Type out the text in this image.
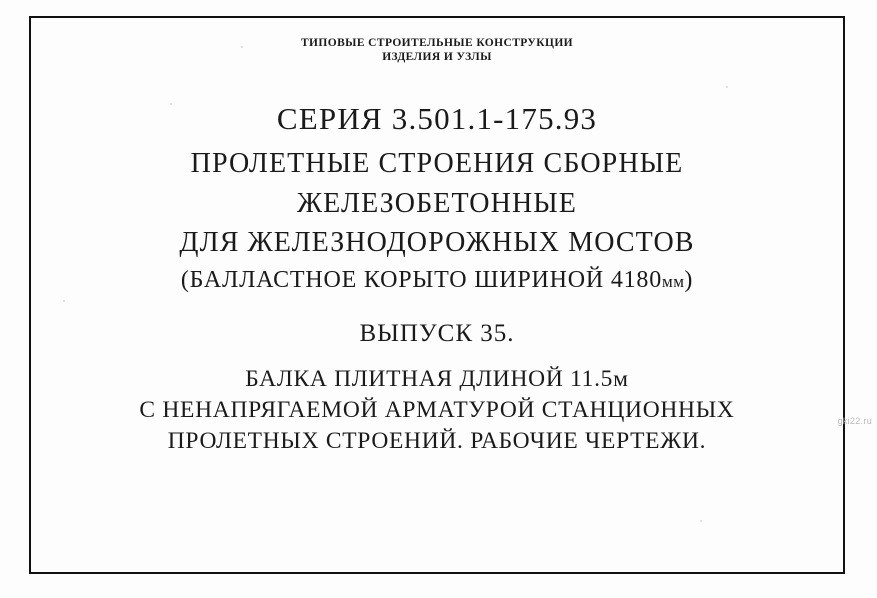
ТИПОВЫЕ СТРОИТЕЛЬНЫЕ КОНСТРУКЦИИ
ИЗДЕЛИЯ И УЗЛЫ
СЕРИЯ 3.501.1-175.93
ПРОЛЕТНЫЕ СТРОЕНИЯ СБОРНЫЕ
ЖЕЛЕЗОБЕТОННЫЕ
ДЛЯ ЖЕЛЕЗНОДОРОЖНЫХ МОСТОВ
(БАЛЛАСТНОЕ КОРЫТО ШИРИНОЙ 4180мм)
ВЫПУСК 35.
БАЛКА ПЛИТНАЯ ДЛИНОЙ 11.5м
С НЕНАПРЯГАЕМОЙ АРМАТУРОЙ СТАНЦИОННЫХ
ПРОЛЕТНЫХ СТРОЕНИЙ. РАБОЧИЕ ЧЕРТЕЖИ.
gki22.ru
